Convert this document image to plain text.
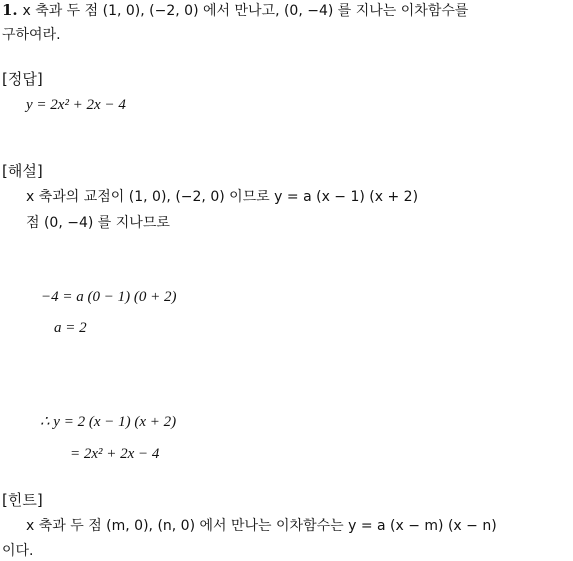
1. x 축과 두 점 (1, 0), (−2, 0) 에서 만나고, (0, −4) 를 지나는 이차함수를
구하여라.
[정답]
y = 2x² + 2x − 4
[해설]
x 축과의 교점이 (1, 0), (−2, 0) 이므로 y = a (x − 1) (x + 2)
점 (0, −4) 를 지나므로
−4 = a (0 − 1) (0 + 2)
a = 2
∴ y = 2 (x − 1) (x + 2)
= 2x² + 2x − 4
[힌트]
x 축과 두 점 (m, 0), (n, 0) 에서 만나는 이차함수는 y = a (x − m) (x − n)
이다.
